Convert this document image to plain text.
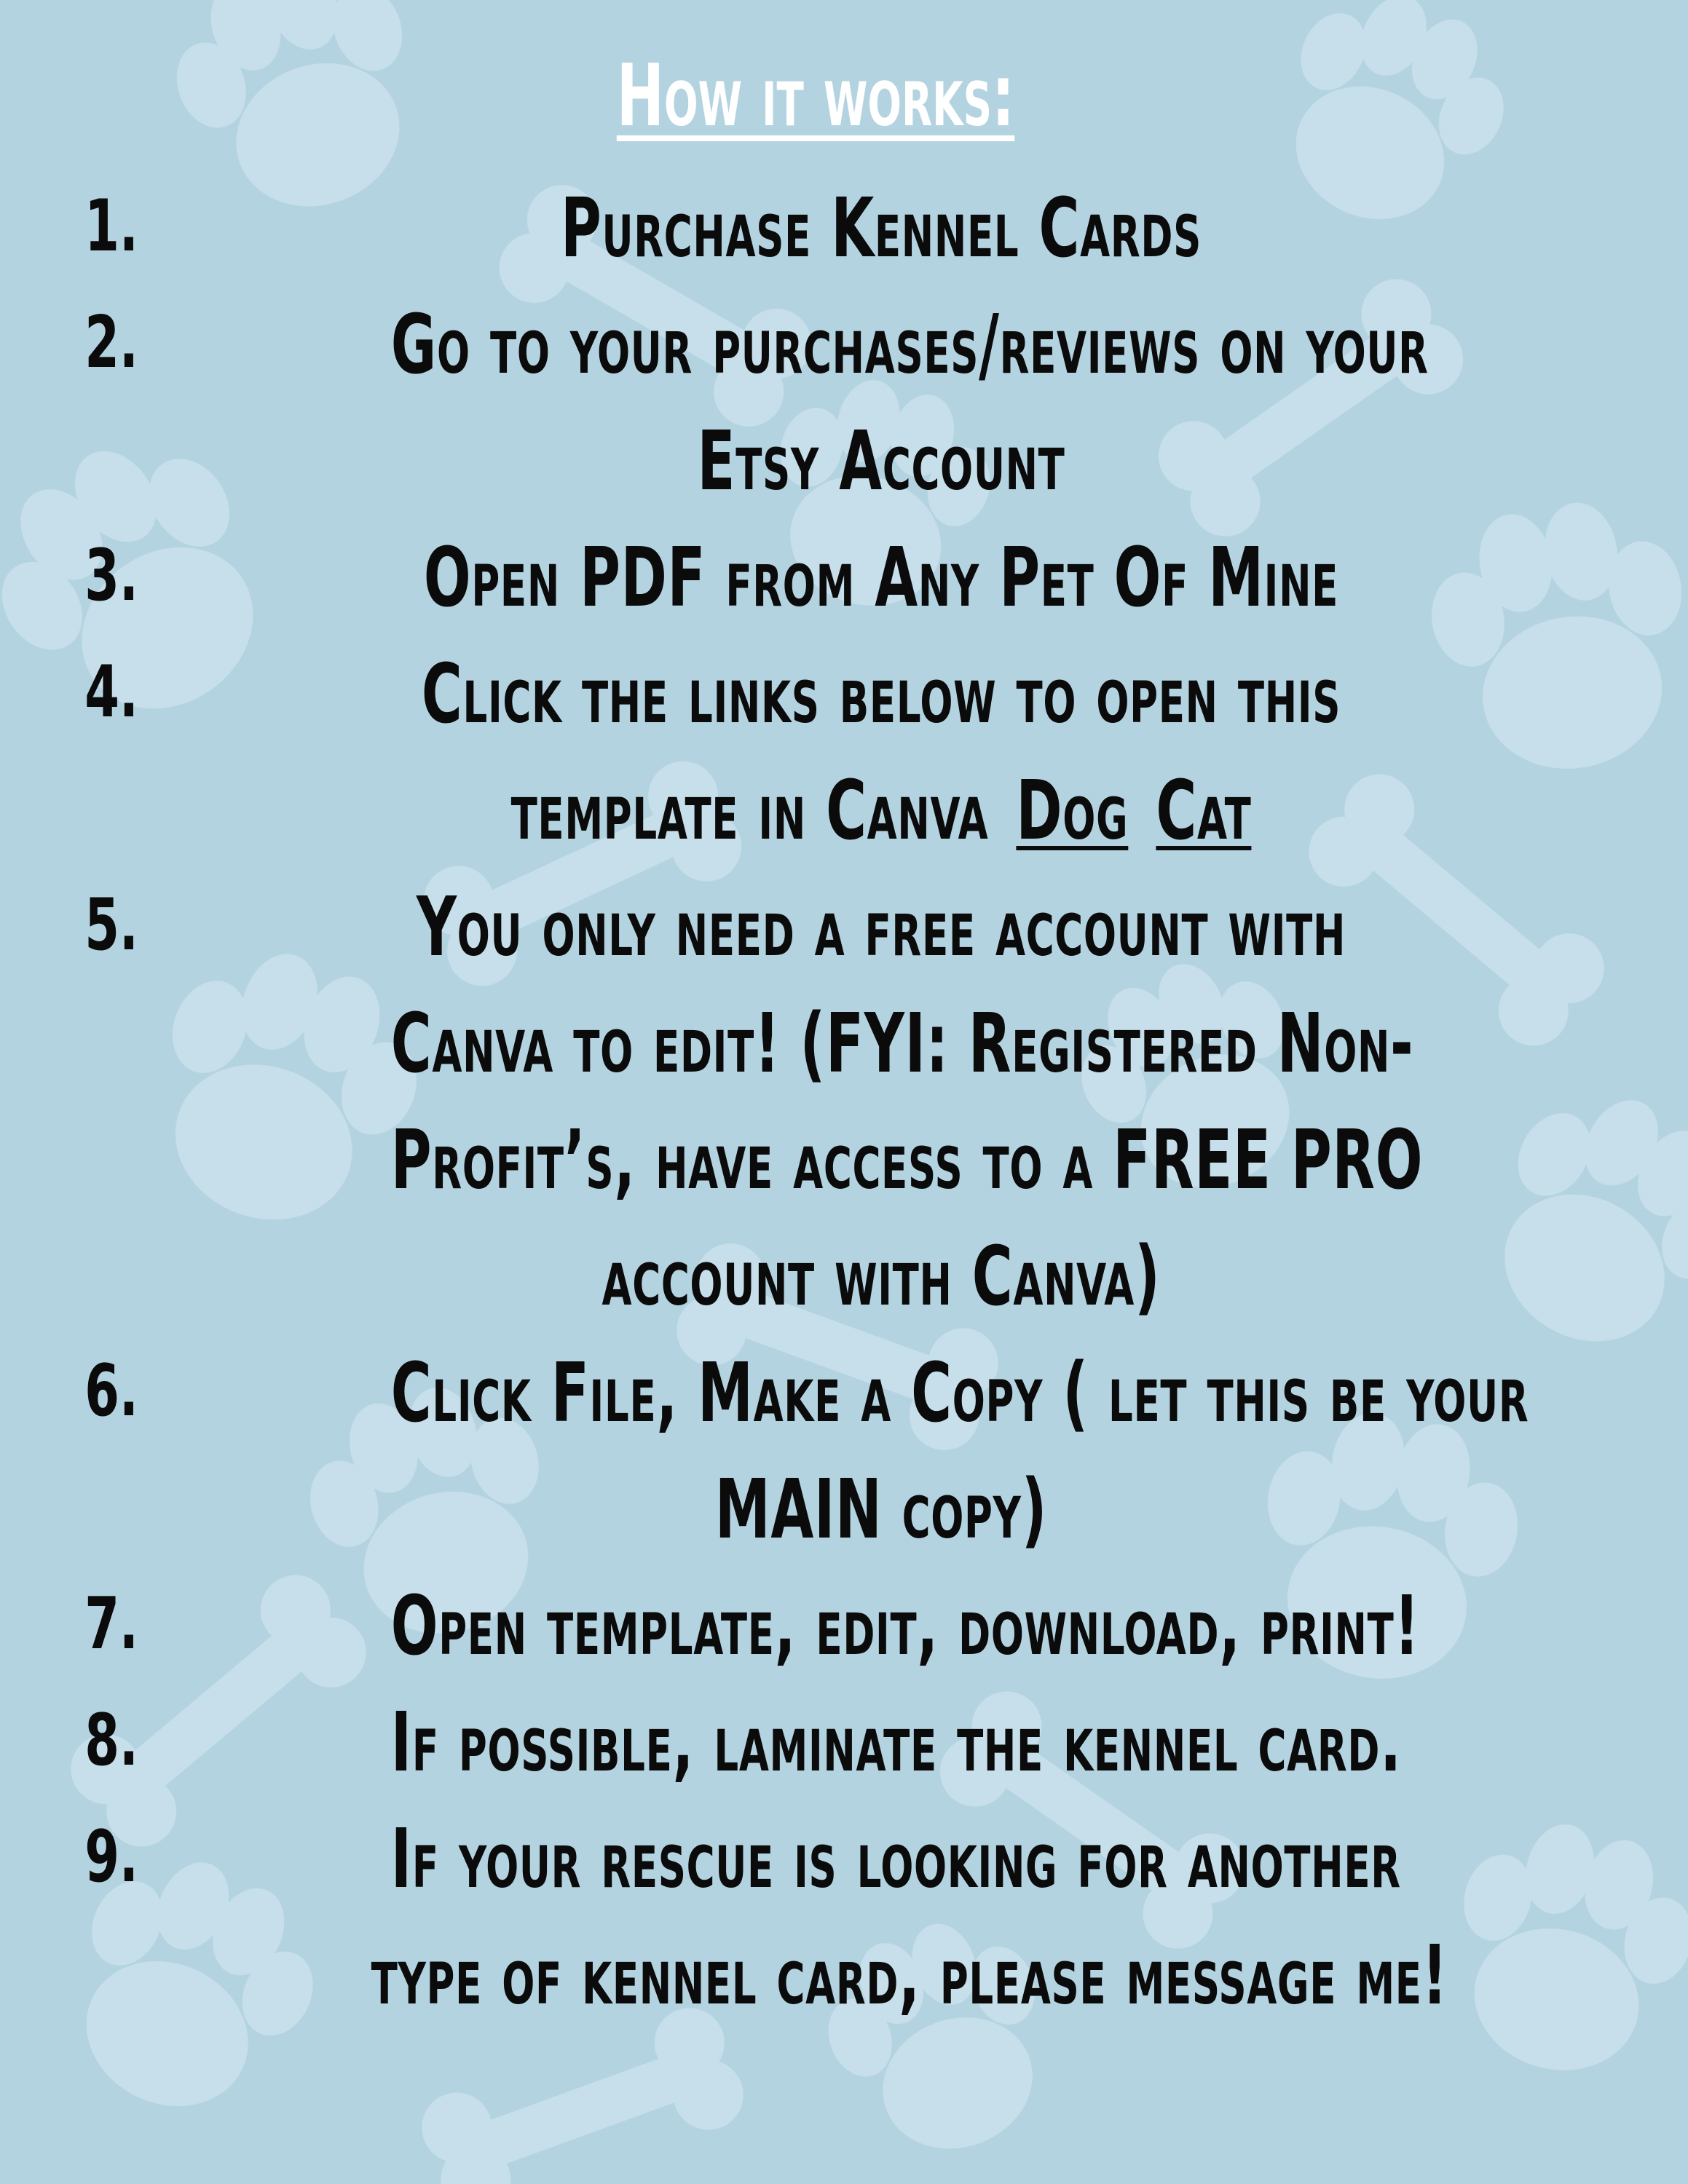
How it works:
1.	Purchase Kennel Cards
2.	Go to your purchases/reviews on your
Etsy Account
3.	Open PDF from Any Pet Of Mine
4.	Click the links below to open this
template in Canva Dog Cat
5.	You only need a free account with
Canva to edit! (FYI: Registered Non-
Profit’s, have access to a FREE PRO
account with Canva)
6.	Click File, Make a Copy ( let this be your
MAIN copy)
7.	Open template, edit, download, print!
8.	If possible, laminate the kennel card.
9.	If your rescue is looking for another
type of kennel card, please message me!
